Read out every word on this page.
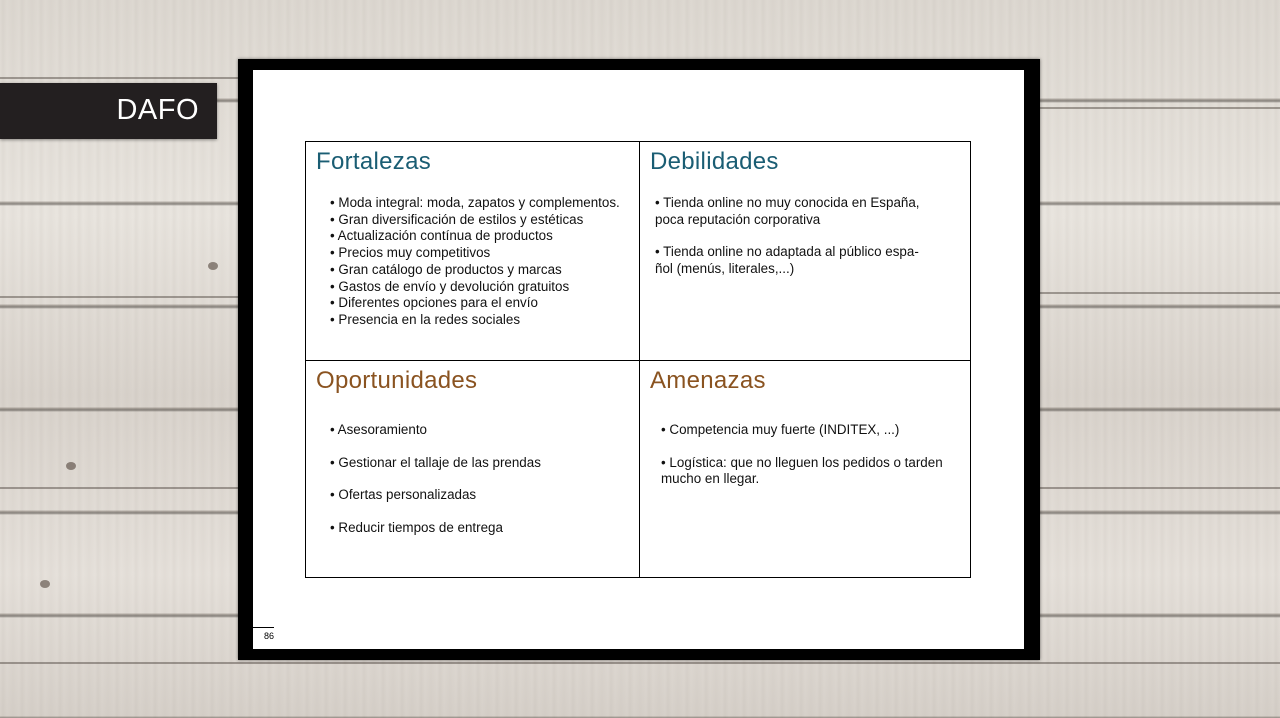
DAFO
Fortalezas
• Moda integral: moda, zapatos y complementos.
• Gran diversificación de estilos y estéticas
• Actualización contínua de productos
• Precios muy competitivos
• Gran catálogo de productos y marcas
• Gastos de envío y devolución gratuitos
• Diferentes opciones para el envío
• Presencia en la redes sociales
Debilidades
• Tienda online no muy conocida en España,
poca reputación corporativa
• Tienda online no adaptada al público espa-
ñol (menús, literales,...)
Oportunidades
• Asesoramiento
• Gestionar el tallaje de las prendas
• Ofertas personalizadas
• Reducir tiempos de entrega
Amenazas
• Competencia muy fuerte (INDITEX, ...)
• Logística: que no lleguen los pedidos o tarden
mucho en llegar.
86
